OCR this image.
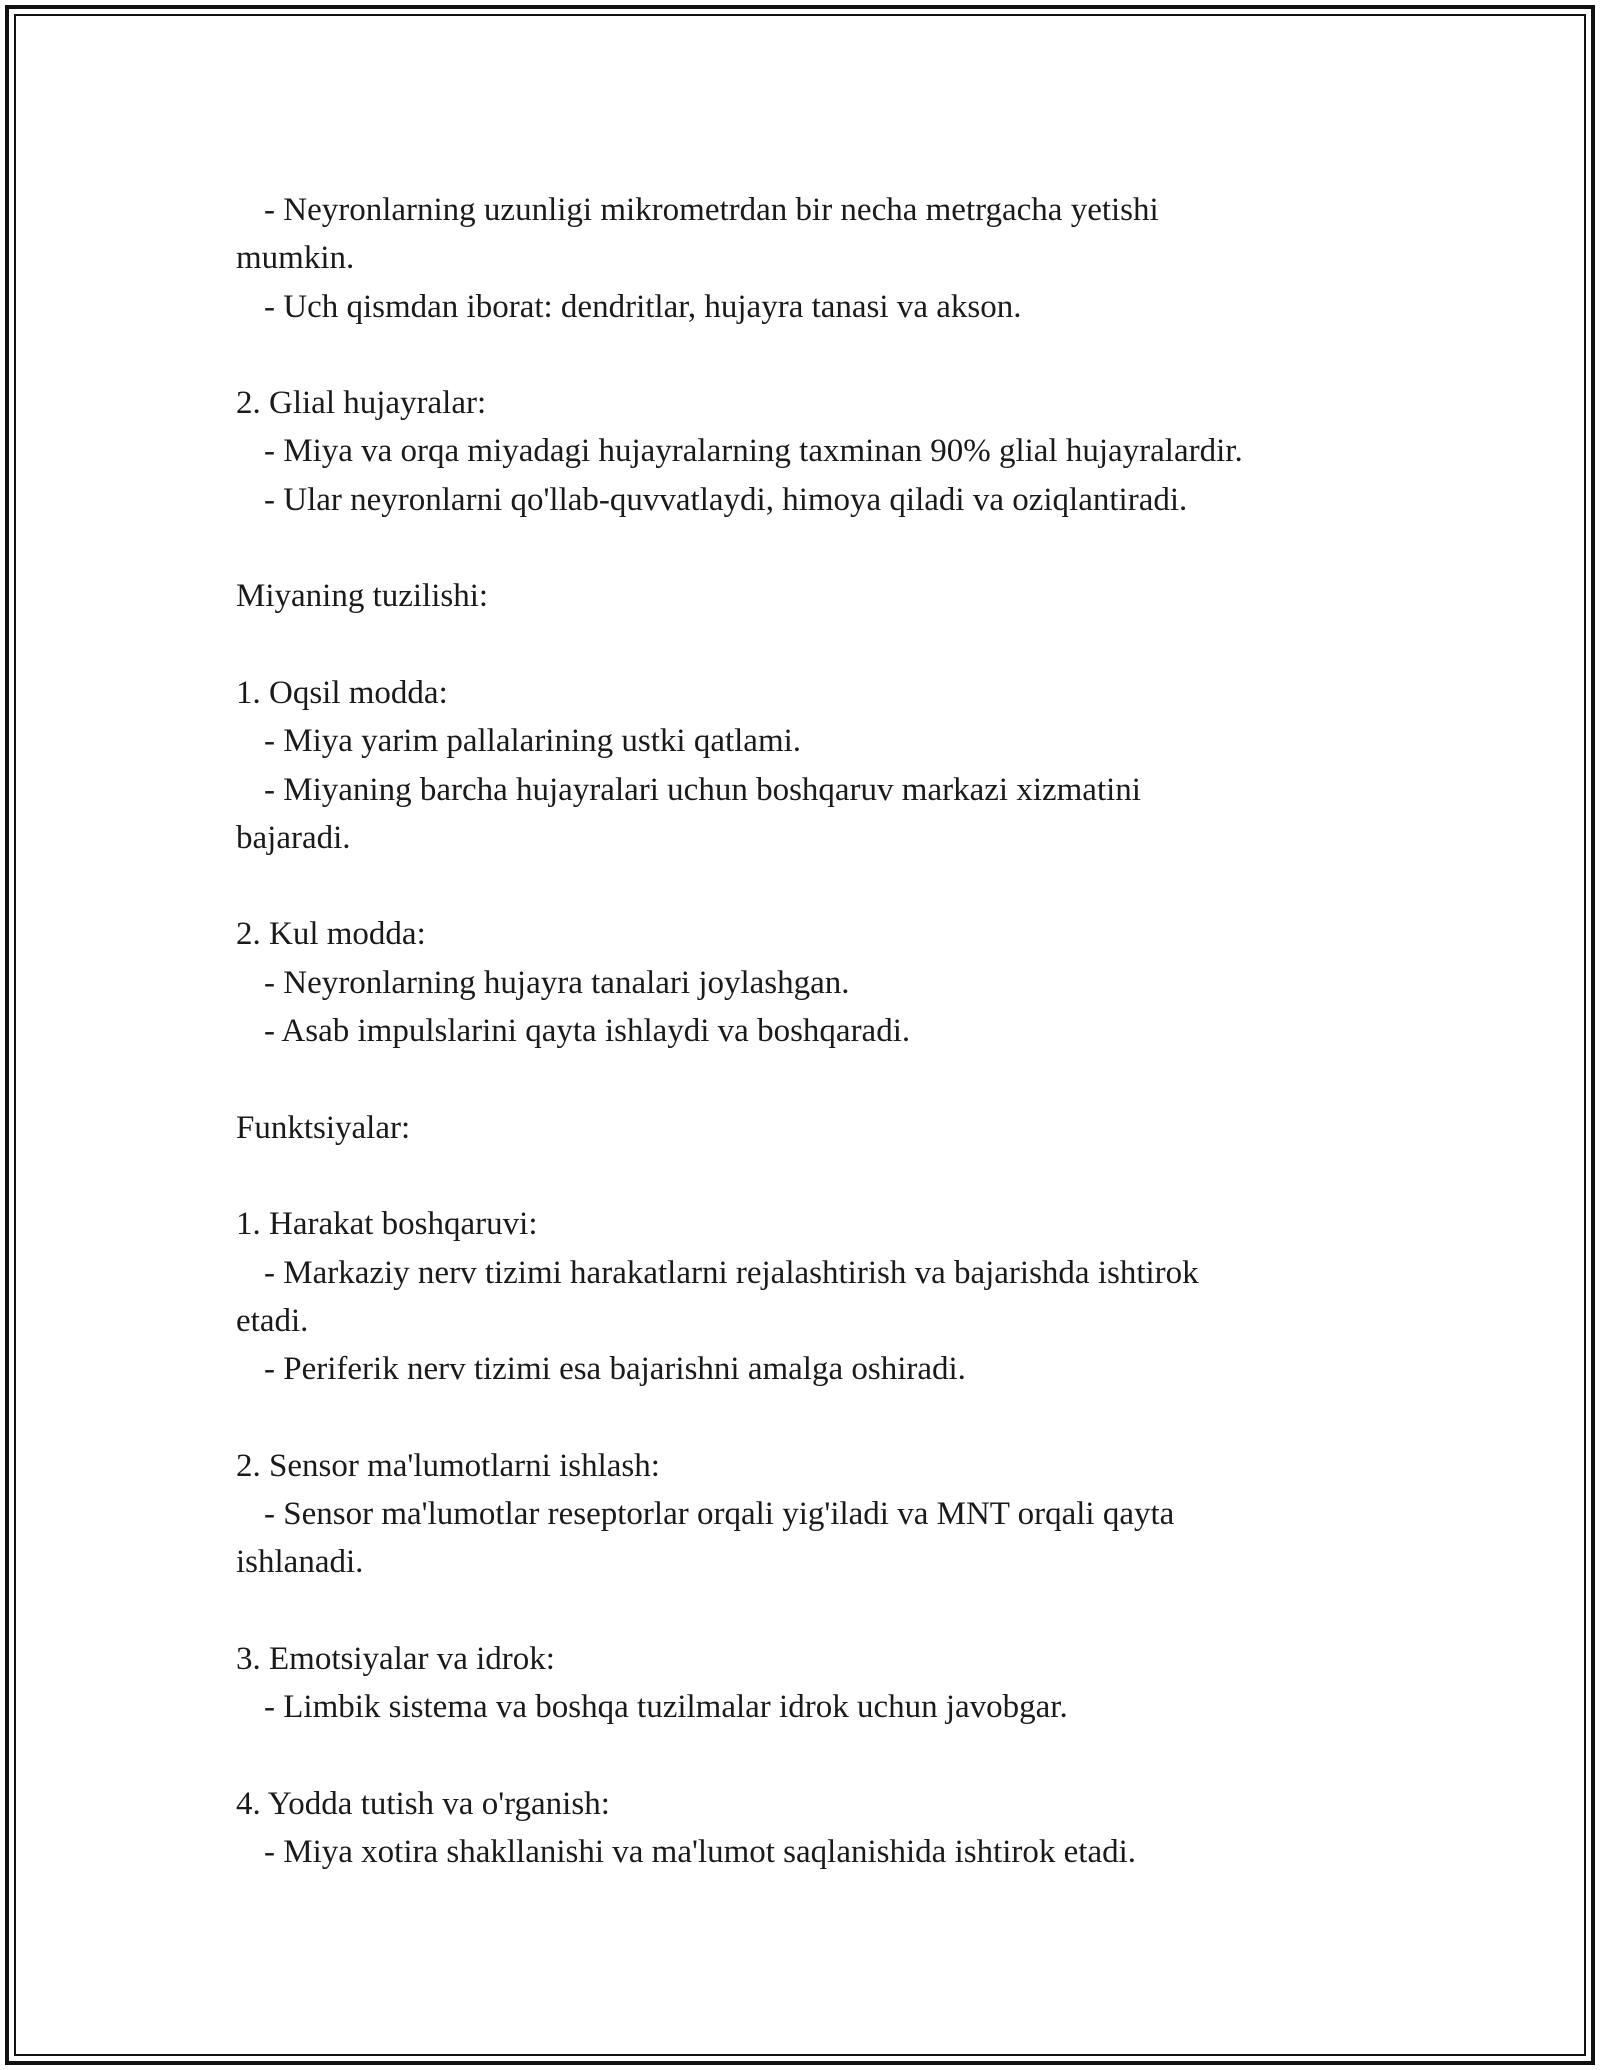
- Neyronlarning uzunligi mikrometrdan bir necha metrgacha yetishi
mumkin.
- Uch qismdan iborat: dendritlar, hujayra tanasi va akson.
2. Glial hujayralar:
- Miya va orqa miyadagi hujayralarning taxminan 90% glial hujayralardir.
- Ular neyronlarni qo'llab-quvvatlaydi, himoya qiladi va oziqlantiradi.
Miyaning tuzilishi:
1. Oqsil modda:
- Miya yarim pallalarining ustki qatlami.
- Miyaning barcha hujayralari uchun boshqaruv markazi xizmatini
bajaradi.
2. Kul modda:
- Neyronlarning hujayra tanalari joylashgan.
- Asab impulslarini qayta ishlaydi va boshqaradi.
Funktsiyalar:
1. Harakat boshqaruvi:
- Markaziy nerv tizimi harakatlarni rejalashtirish va bajarishda ishtirok
etadi.
- Periferik nerv tizimi esa bajarishni amalga oshiradi.
2. Sensor ma'lumotlarni ishlash:
- Sensor ma'lumotlar reseptorlar orqali yig'iladi va MNT orqali qayta
ishlanadi.
3. Emotsiyalar va idrok:
- Limbik sistema va boshqa tuzilmalar idrok uchun javobgar.
4. Yodda tutish va o'rganish:
- Miya xotira shakllanishi va ma'lumot saqlanishida ishtirok etadi.
